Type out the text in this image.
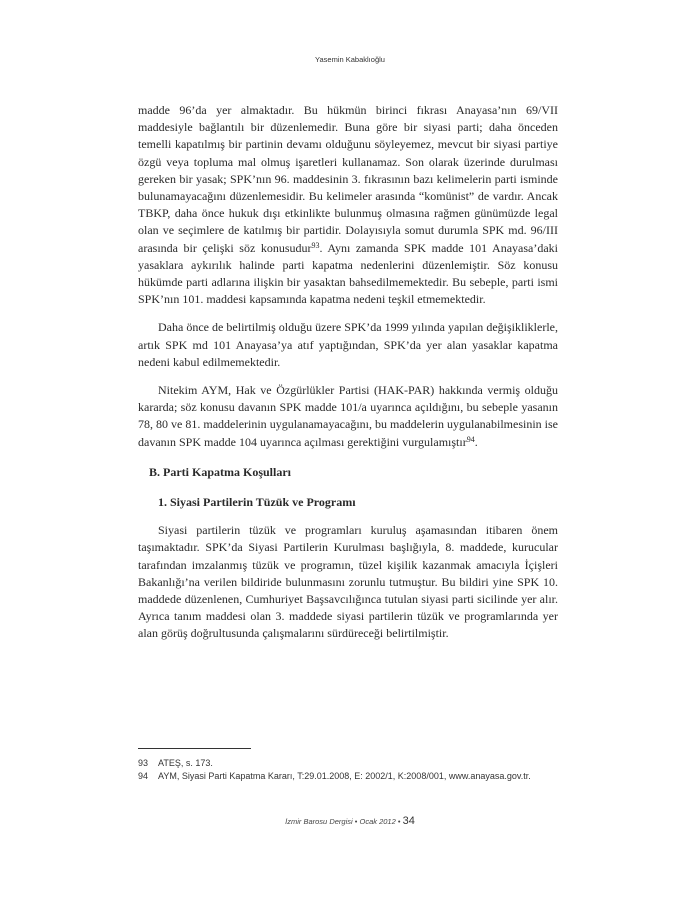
Yasemin Kabaklıoğlu

madde 96’da yer almaktadır. Bu hükmün birinci fıkrası Anayasa’nın 69/VII maddesiyle bağlantılı bir düzenlemedir. Buna göre bir siyasi parti; daha önceden temelli kapatılmış bir partinin devamı olduğunu söyleyemez, mevcut bir siyasi partiye özgü veya topluma mal olmuş işaretleri kullanamaz. Son olarak üzerinde durulması gereken bir yasak; SPK’nın 96. maddesinin 3. fıkrasının bazı kelimelerin parti isminde bulunamayacağını düzenlemesidir. Bu kelimeler arasında “komünist” de vardır. Ancak TBKP, daha önce hukuk dışı etkinlikte bulunmuş olmasına rağmen günümüzde legal olan ve seçimlere de katılmış bir partidir. Dolayısıyla somut durumla SPK md. 96/III arasında bir çelişki söz konusudur$^{93}$. Aynı zamanda SPK madde 101 Anayasa’daki yasaklara aykırılık halinde parti kapatma nedenlerini düzenlemiştir. Söz konusu hükümde parti adlarına ilişkin bir yasaktan bahsedilmemektedir. Bu sebeple, parti ismi SPK’nın 101. maddesi kapsamında kapatma nedeni teşkil etmemektedir.

Daha önce de belirtilmiş olduğu üzere SPK’da 1999 yılında yapılan değişikliklerle, artık SPK md 101 Anayasa’ya atıf yaptığından, SPK’da yer alan yasaklar kapatma nedeni kabul edilmemektedir.

Nitekim AYM, Hak ve Özgürlükler Partisi (HAK-PAR) hakkında vermiş olduğu kararda; söz konusu davanın SPK madde 101/a uyarınca açıldığını, bu sebeple yasanın 78, 80 ve 81. maddelerinin uygulanamayacağını, bu maddelerin uygulanabilmesinin ise davanın SPK madde 104 uyarınca açılması gerektiğini vurgulamıştır$^{94}$.

B. Parti Kapatma Koşulları
1. Siyasi Partilerin Tüzük ve Programı

Siyasi partilerin tüzük ve programları kuruluş aşamasından itibaren önem taşımaktadır. SPK’da Siyasi Partilerin Kurulması başlığıyla, 8. maddede, kurucular tarafından imzalanmış tüzük ve programın, tüzel kişilik kazanmak amacıyla İçişleri Bakanlığı’na verilen bildiride bulunmasını zorunlu tutmuştur. Bu bildiri yine SPK 10. maddede düzenlenen, Cumhuriyet Başsavcılığınca tutulan siyasi parti sicilinde yer alır. Ayrıca tanım maddesi olan 3. maddede siyasi partilerin tüzük ve programlarında yer alan görüş doğrultusunda çalışmalarını sürdüreceği belirtilmiştir.

93	ATEŞ, s. 173.
94	AYM, Siyasi Parti Kapatma Kararı, T:29.01.2008, E: 2002/1, K:2008/001, www.anayasa.gov.tr.
İzmir Barosu Dergisi • Ocak 2012 • 34
